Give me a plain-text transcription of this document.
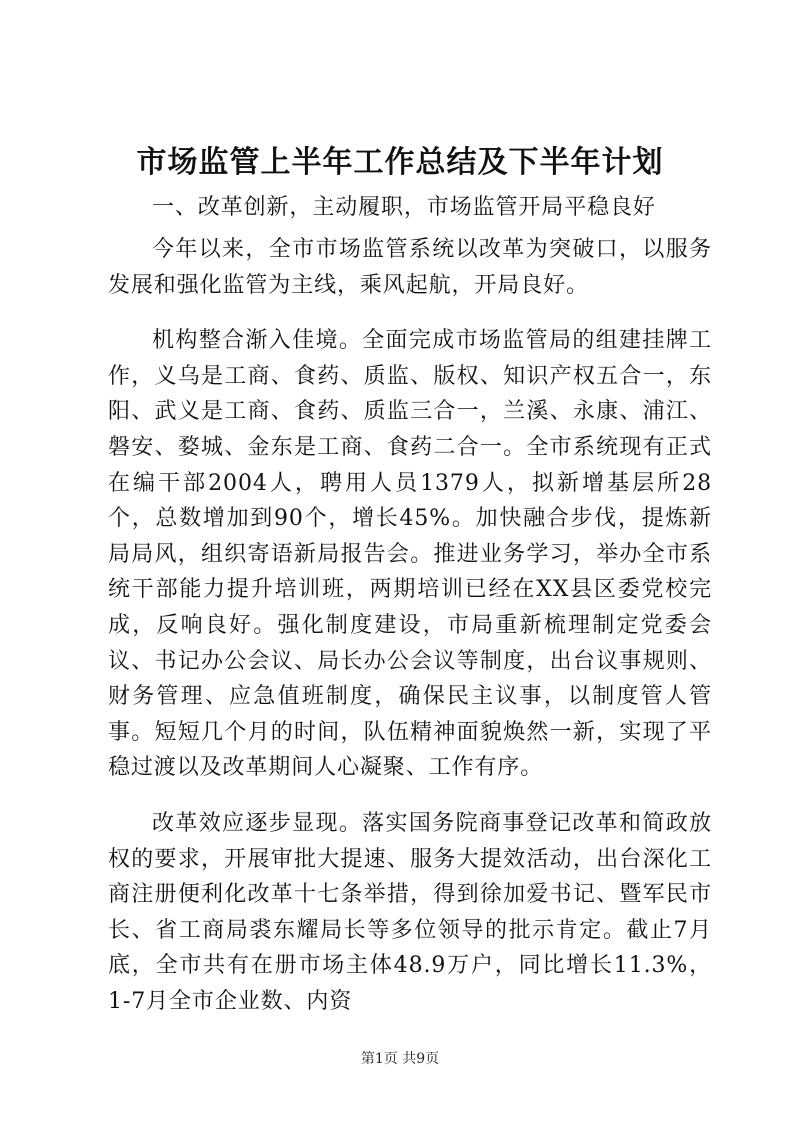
市场监管上半年工作总结及下半年计划

一、改革创新，主动履职，市场监管开局平稳良好

今年以来，全市市场监管系统以改革为突破口，以服务发展和强化监管为主线，乘风起航，开局良好。

机构整合渐入佳境。全面完成市场监管局的组建挂牌工作，义乌是工商、食药、质监、版权、知识产权五合一，东阳、武义是工商、食药、质监三合一，兰溪、永康、浦江、磐安、婺城、金东是工商、食药二合一。全市系统现有正式在编干部2004人，聘用人员1379人，拟新增基层所28个，总数增加到90个，增长45%。加快融合步伐，提炼新局局风，组织寄语新局报告会。推进业务学习，举办全市系统干部能力提升培训班，两期培训已经在XX县区委党校完成，反响良好。强化制度建设，市局重新梳理制定党委会议、书记办公会议、局长办公会议等制度，出台议事规则、财务管理、应急值班制度，确保民主议事，以制度管人管事。短短几个月的时间，队伍精神面貌焕然一新，实现了平稳过渡以及改革期间人心凝聚、工作有序。

改革效应逐步显现。落实国务院商事登记改革和简政放权的要求，开展审批大提速、服务大提效活动，出台深化工商注册便利化改革十七条举措，得到徐加爱书记、暨军民市长、省工商局裘东耀局长等多位领导的批示肯定。截止7月底，全市共有在册市场主体48.9万户，同比增长11.3%，1-7月全市企业数、内资

第1页 共9页
